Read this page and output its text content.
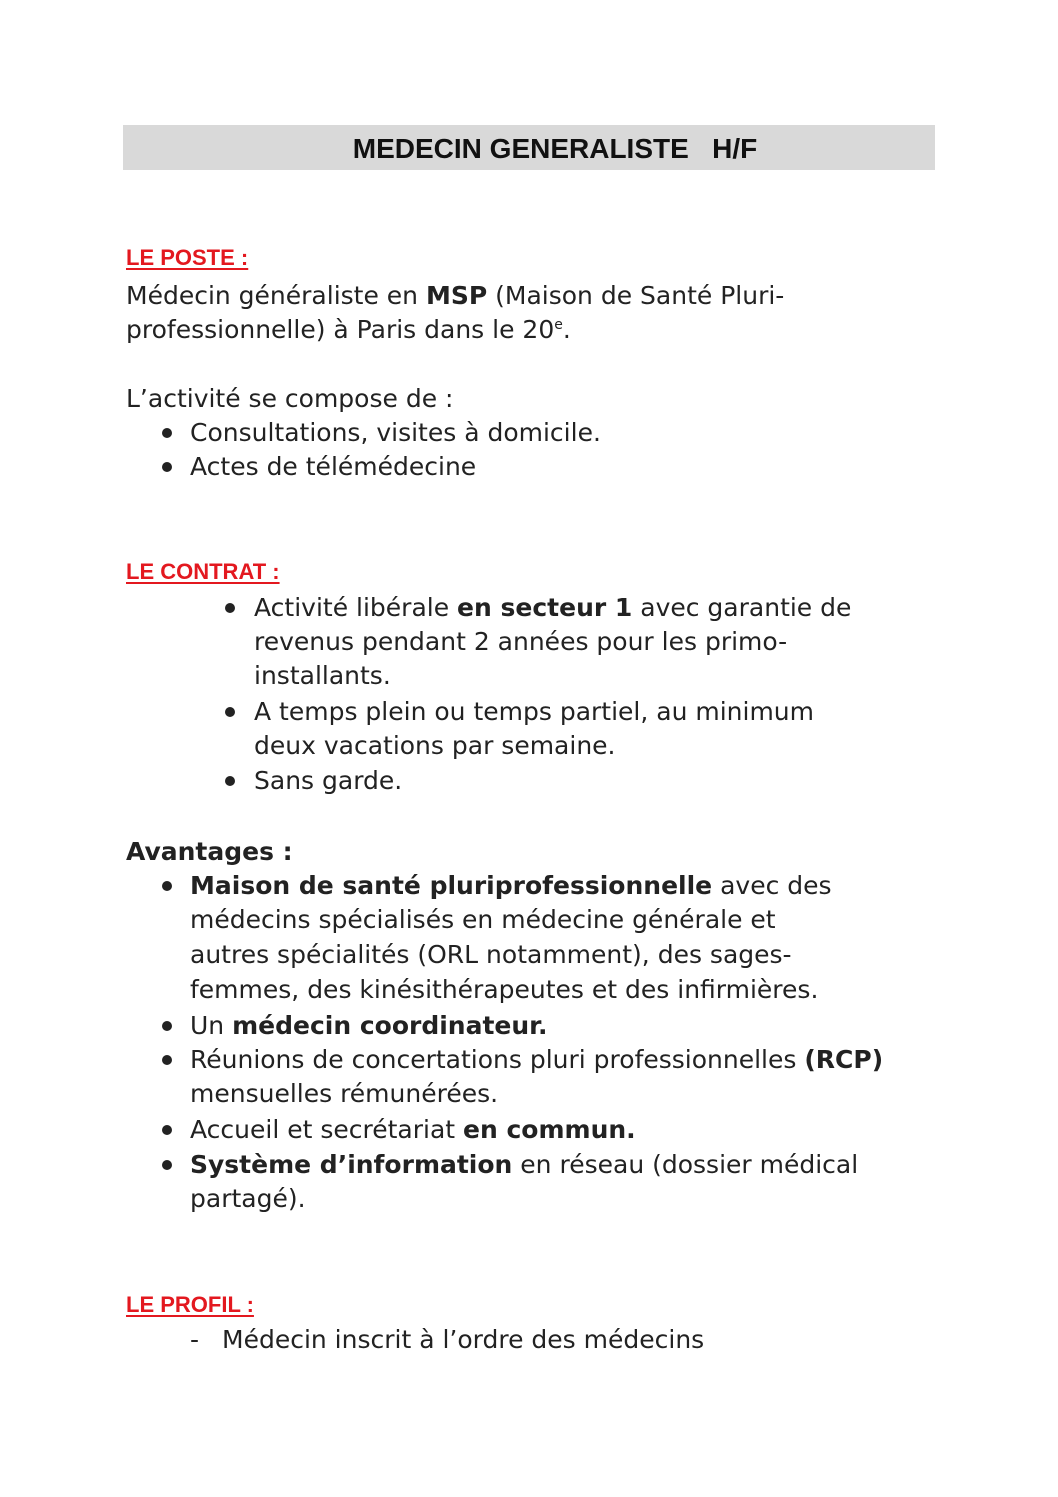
MEDECIN GENERALISTE   H/F
LE POSTE :
Médecin généraliste en MSP (Maison de Santé Pluri-
professionnelle) à Paris dans le 20e.
L’activité se compose de :
Consultations, visites à domicile.
Actes de télémédecine
LE CONTRAT :
Activité libérale en secteur 1 avec garantie de
revenus pendant 2 années pour les primo-
installants.
A temps plein ou temps partiel, au minimum
deux vacations par semaine.
Sans garde.
Avantages :
Maison de santé pluriprofessionnelle avec des
médecins spécialisés en médecine générale et
autres spécialités (ORL notamment), des sages-
femmes, des kinésithérapeutes et des infirmières.
Un médecin coordinateur.
Réunions de concertations pluri professionnelles (RCP)
mensuelles rémunérées.
Accueil et secrétariat en commun.
Système d’information en réseau (dossier médical
partagé).
LE PROFIL :
- Médecin inscrit à l’ordre des médecins
